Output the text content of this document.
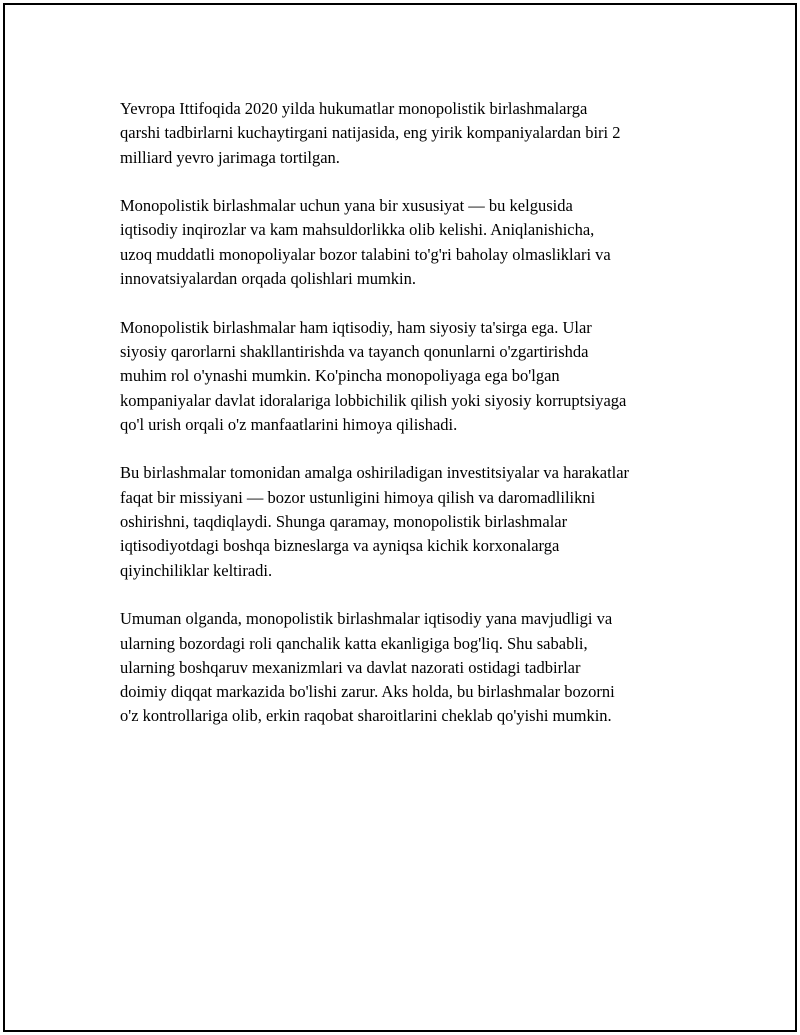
Yevropa Ittifoqida 2020 yilda hukumatlar monopolistik birlashmalarga
qarshi tadbirlarni kuchaytirgani natijasida, eng yirik kompaniyalardan biri 2
milliard yevro jarimaga tortilgan.

Monopolistik birlashmalar uchun yana bir xususiyat — bu kelgusida
iqtisodiy inqirozlar va kam mahsuldorlikka olib kelishi. Aniqlanishicha,
uzoq muddatli monopoliyalar bozor talabini to'g'ri baholay olmasliklari va
innovatsiyalardan orqada qolishlari mumkin.

Monopolistik birlashmalar ham iqtisodiy, ham siyosiy ta'sirga ega. Ular
siyosiy qarorlarni shakllantirishda va tayanch qonunlarni o'zgartirishda
muhim rol o'ynashi mumkin. Ko'pincha monopoliyaga ega bo'lgan
kompaniyalar davlat idoralariga lobbichilik qilish yoki siyosiy korruptsiyaga
qo'l urish orqali o'z manfaatlarini himoya qilishadi.

Bu birlashmalar tomonidan amalga oshiriladigan investitsiyalar va harakatlar
faqat bir missiyani — bozor ustunligini himoya qilish va daromadlilikni
oshirishni, taqdiqlaydi. Shunga qaramay, monopolistik birlashmalar
iqtisodiyotdagi boshqa bizneslarga va ayniqsa kichik korxonalarga
qiyinchiliklar keltiradi.

Umuman olganda, monopolistik birlashmalar iqtisodiy yana mavjudligi va
ularning bozordagi roli qanchalik katta ekanligiga bog'liq. Shu sababli,
ularning boshqaruv mexanizmlari va davlat nazorati ostidagi tadbirlar
doimiy diqqat markazida bo'lishi zarur. Aks holda, bu birlashmalar bozorni
o'z kontrollariga olib, erkin raqobat sharoitlarini cheklab qo'yishi mumkin.
